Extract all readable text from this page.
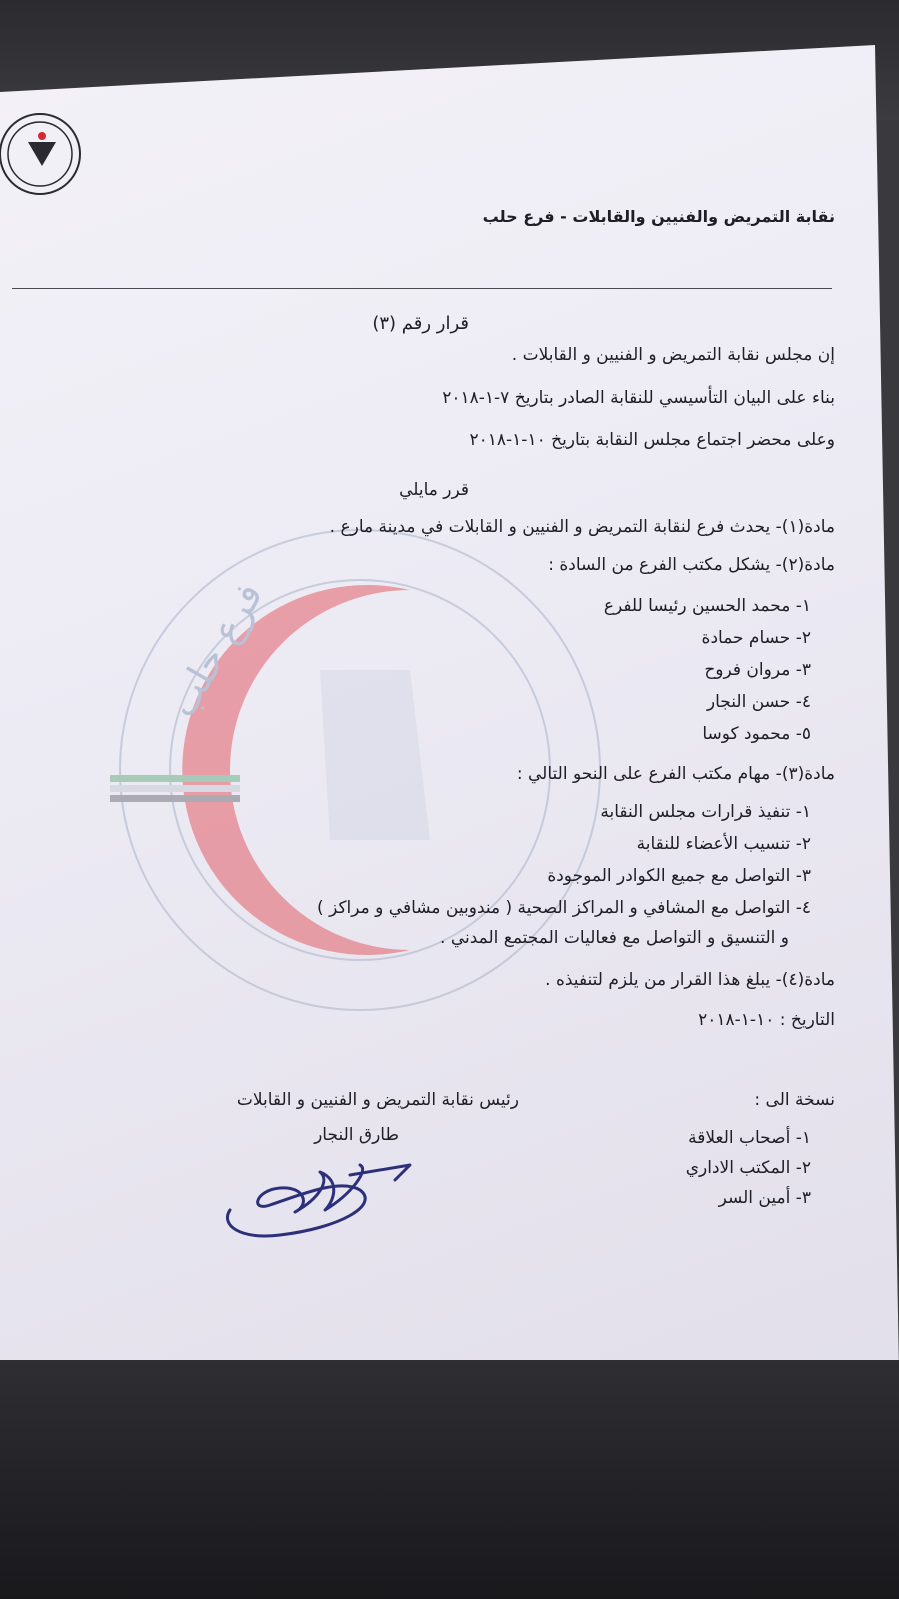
فرع حلب

نقابة التمريض والفنيين والقابلات - فرع حلب

قرار رقم (٣)

إن مجلس نقابة التمريض و الفنيين و القابلات .

بناء على البيان التأسيسي للنقابة الصادر بتاريخ ٧-١-٢٠١٨

وعلى محضر اجتماع مجلس النقابة بتاريخ ١٠-١-٢٠١٨

قرر مايلي

مادة(١)- يحدث فرع لنقابة التمريض و الفنيين و القابلات في مدينة مارع .

مادة(٢)- يشكل مكتب الفرع من السادة :

١- محمد الحسين رئيسا للفرع

٢- حسام حمادة

٣- مروان فروح

٤- حسن النجار

٥- محمود كوسا

مادة(٣)- مهام مكتب الفرع على النحو التالي :

١- تنفيذ قرارات مجلس النقابة

٢- تنسيب الأعضاء للنقابة

٣- التواصل مع جميع الكوادر الموجودة

٤- التواصل مع المشافي و المراكز الصحية ( مندوبين مشافي و مراكز )

و التنسيق و التواصل مع فعاليات المجتمع المدني .

مادة(٤)- يبلغ هذا القرار من يلزم لتنفيذه .

التاريخ : ١٠-١-٢٠١٨

نسخة الى :

١- أصحاب العلاقة

٢- المكتب الاداري

٣- أمين السر

رئيس نقابة التمريض و الفنيين و القابلات

طارق النجار
